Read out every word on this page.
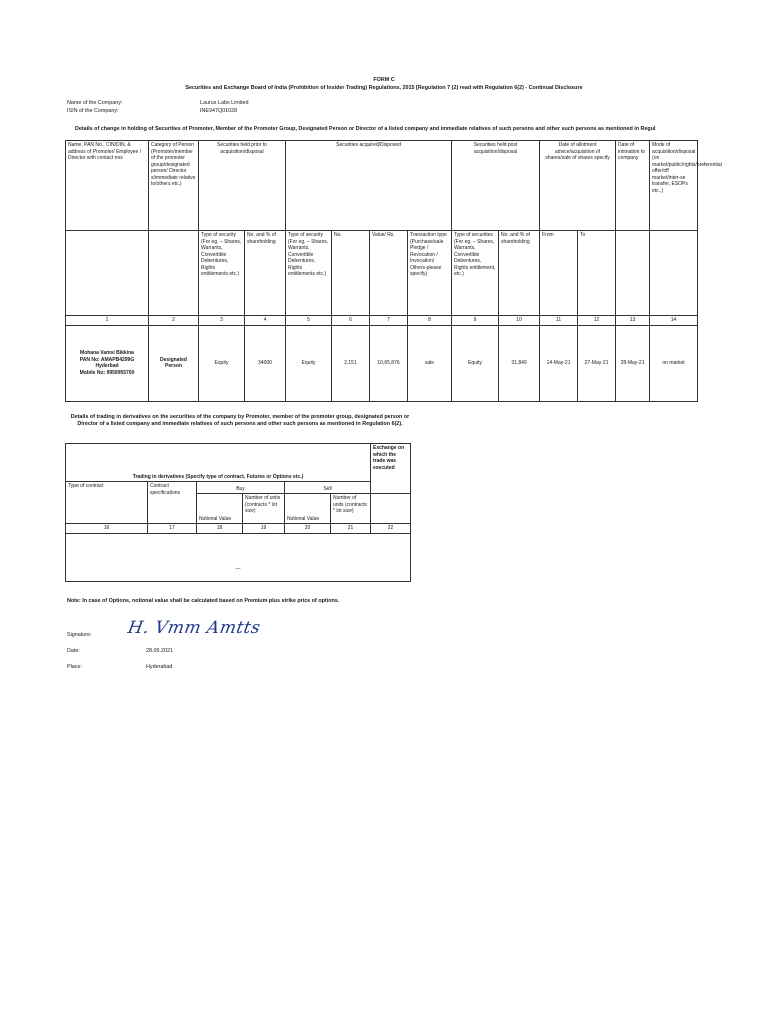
FORM C
Securities and Exchange Board of India (Prohibition of Insider Trading) Regulations, 2015 [Regulation 7 (2) read with Regulation 6(2) - Continual Disclosure
Name of the Company:	Laurus Labs Limited
ISIN of the Company:	INE947Q01028
Details of change in holding of Securities of Promoter, Member of the Promoter Group, Designated Person or Director of a listed company and immediate relatives of such persons and other such persons as mentioned in Regul
Name, PAN No., CIN/DIN, & address of Promoter/ Employee / Director with contact nos	Category of Person (Promoter/member of the promoter group/designated person/ Director s/immediate relative to/others etc.)	Securities held prior to acquisition/disposal		Securities acquired/Disposed				Securities held post acquisition/disposal		Date of allotment advice/acquisition of shares/sale of shares specify		Date of intimation to company	Mode of acquisition/disposal (on market/public/rights/preferential offer/off market/inter-se transfer, ESOPs etc.,)
		Type of security (For eg. – Shares, Warrants, Convertible Debentures, Rights entitlements etc.)	No. and % of shareholding	Type of security (For eg. – Shares, Warrants, Convertible Debentures, Rights entitlements etc.)	No.	Value/ Rs.	Transaction type (Purchase/sale Pledge / Revocation / Invocation/ Others-please specify)	Type of securities (For eg. – Shares, Warrants, Convertible Debentures, Rights entitlement, etc.)	No. and % of shareholding	From	To		
1	2	3	4	5	6	7	8	9	10	11	12	13	14

Mohana Vamsi Bikkina
PAN No: AMAPB4299G
Hyderbad
Mobile No: 9959955700	Designated Person	Equity	34000	Equity	2,151	10,65,876	sale	Equity	31,849	14-May-21	27-May-21	28-May-21	on market
Details of trading in derivatives on the securities of the company by Promoter, member of the promoter group, designated person or Director of a listed company and immediate relatives of such persons and other such persons as mentioned in Regulation 6(2).
Trading in derivatives (Specify type of contract, Futures or Options etc.)						Exchange on which the trade was executed
Type of contract	Contract specifications	Buy		Sell		
		Notional Value	Number of units (contracts * lot size)	Notional Value	Number of units (contracts * lot size)	
16	17	18	19	20	21	22
—						
Note: In case of Options, notional value shall be calculated based on Premium plus strike price of options.
Signature: H. Vmm Amtts
Date:	28.05.2021
Place:	Hyderabad
